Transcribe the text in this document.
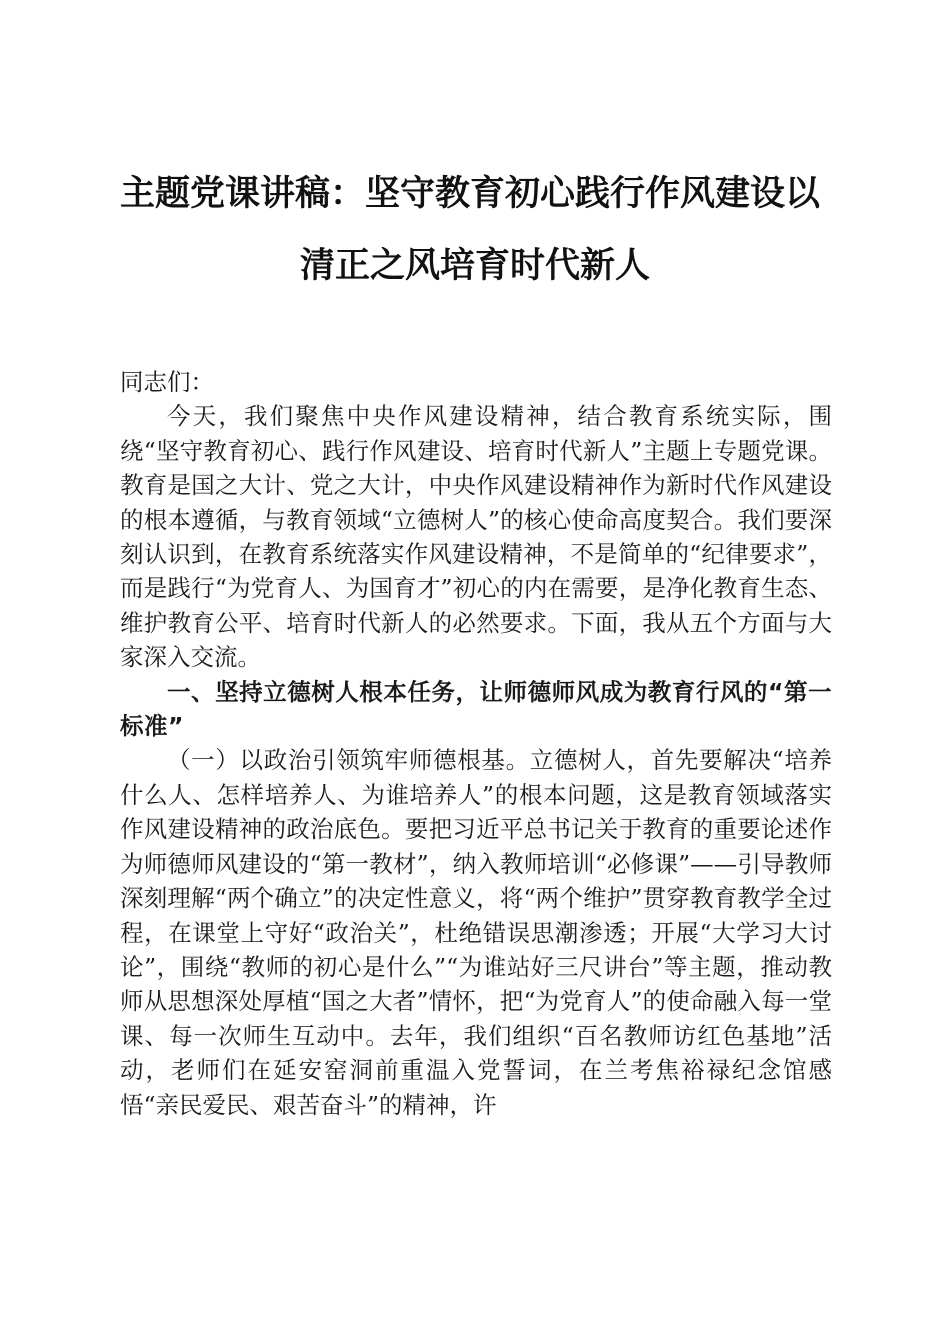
主题党课讲稿：坚守教育初心践行作风建设以
清正之风培育时代新人

同志们：

今天，我们聚焦中央作风建设精神，结合教育系统实际，围绕“坚守教育初心、践行作风建设、培育时代新人”主题上专题党课。教育是国之大计、党之大计，中央作风建设精神作为新时代作风建设的根本遵循，与教育领域“立德树人”的核心使命高度契合。我们要深刻认识到，在教育系统落实作风建设精神，不是简单的“纪律要求”，而是践行“为党育人、为国育才”初心的内在需要，是净化教育生态、维护教育公平、培育时代新人的必然要求。下面，我从五个方面与大家深入交流。

一、坚持立德树人根本任务，让师德师风成为教育行风的“第一标准”

（一）以政治引领筑牢师德根基。立德树人，首先要解决“培养什么人、怎样培养人、为谁培养人”的根本问题，这是教育领域落实作风建设精神的政治底色。要把习近平总书记关于教育的重要论述作为师德师风建设的“第一教材”，纳入教师培训“必修课”——引导教师深刻理解“两个确立”的决定性意义，将“两个维护”贯穿教育教学全过程，在课堂上守好“政治关”，杜绝错误思潮渗透；开展“大学习大讨论”，围绕“教师的初心是什么”“为谁站好三尺讲台”等主题，推动教师从思想深处厚植“国之大者”情怀，把“为党育人”的使命融入每一堂课、每一次师生互动中。去年，我们组织“百名教师访红色基地”活动，老师们在延安窑洞前重温入党誓词，在兰考焦裕禄纪念馆感悟“亲民爱民、艰苦奋斗”的精神，许
